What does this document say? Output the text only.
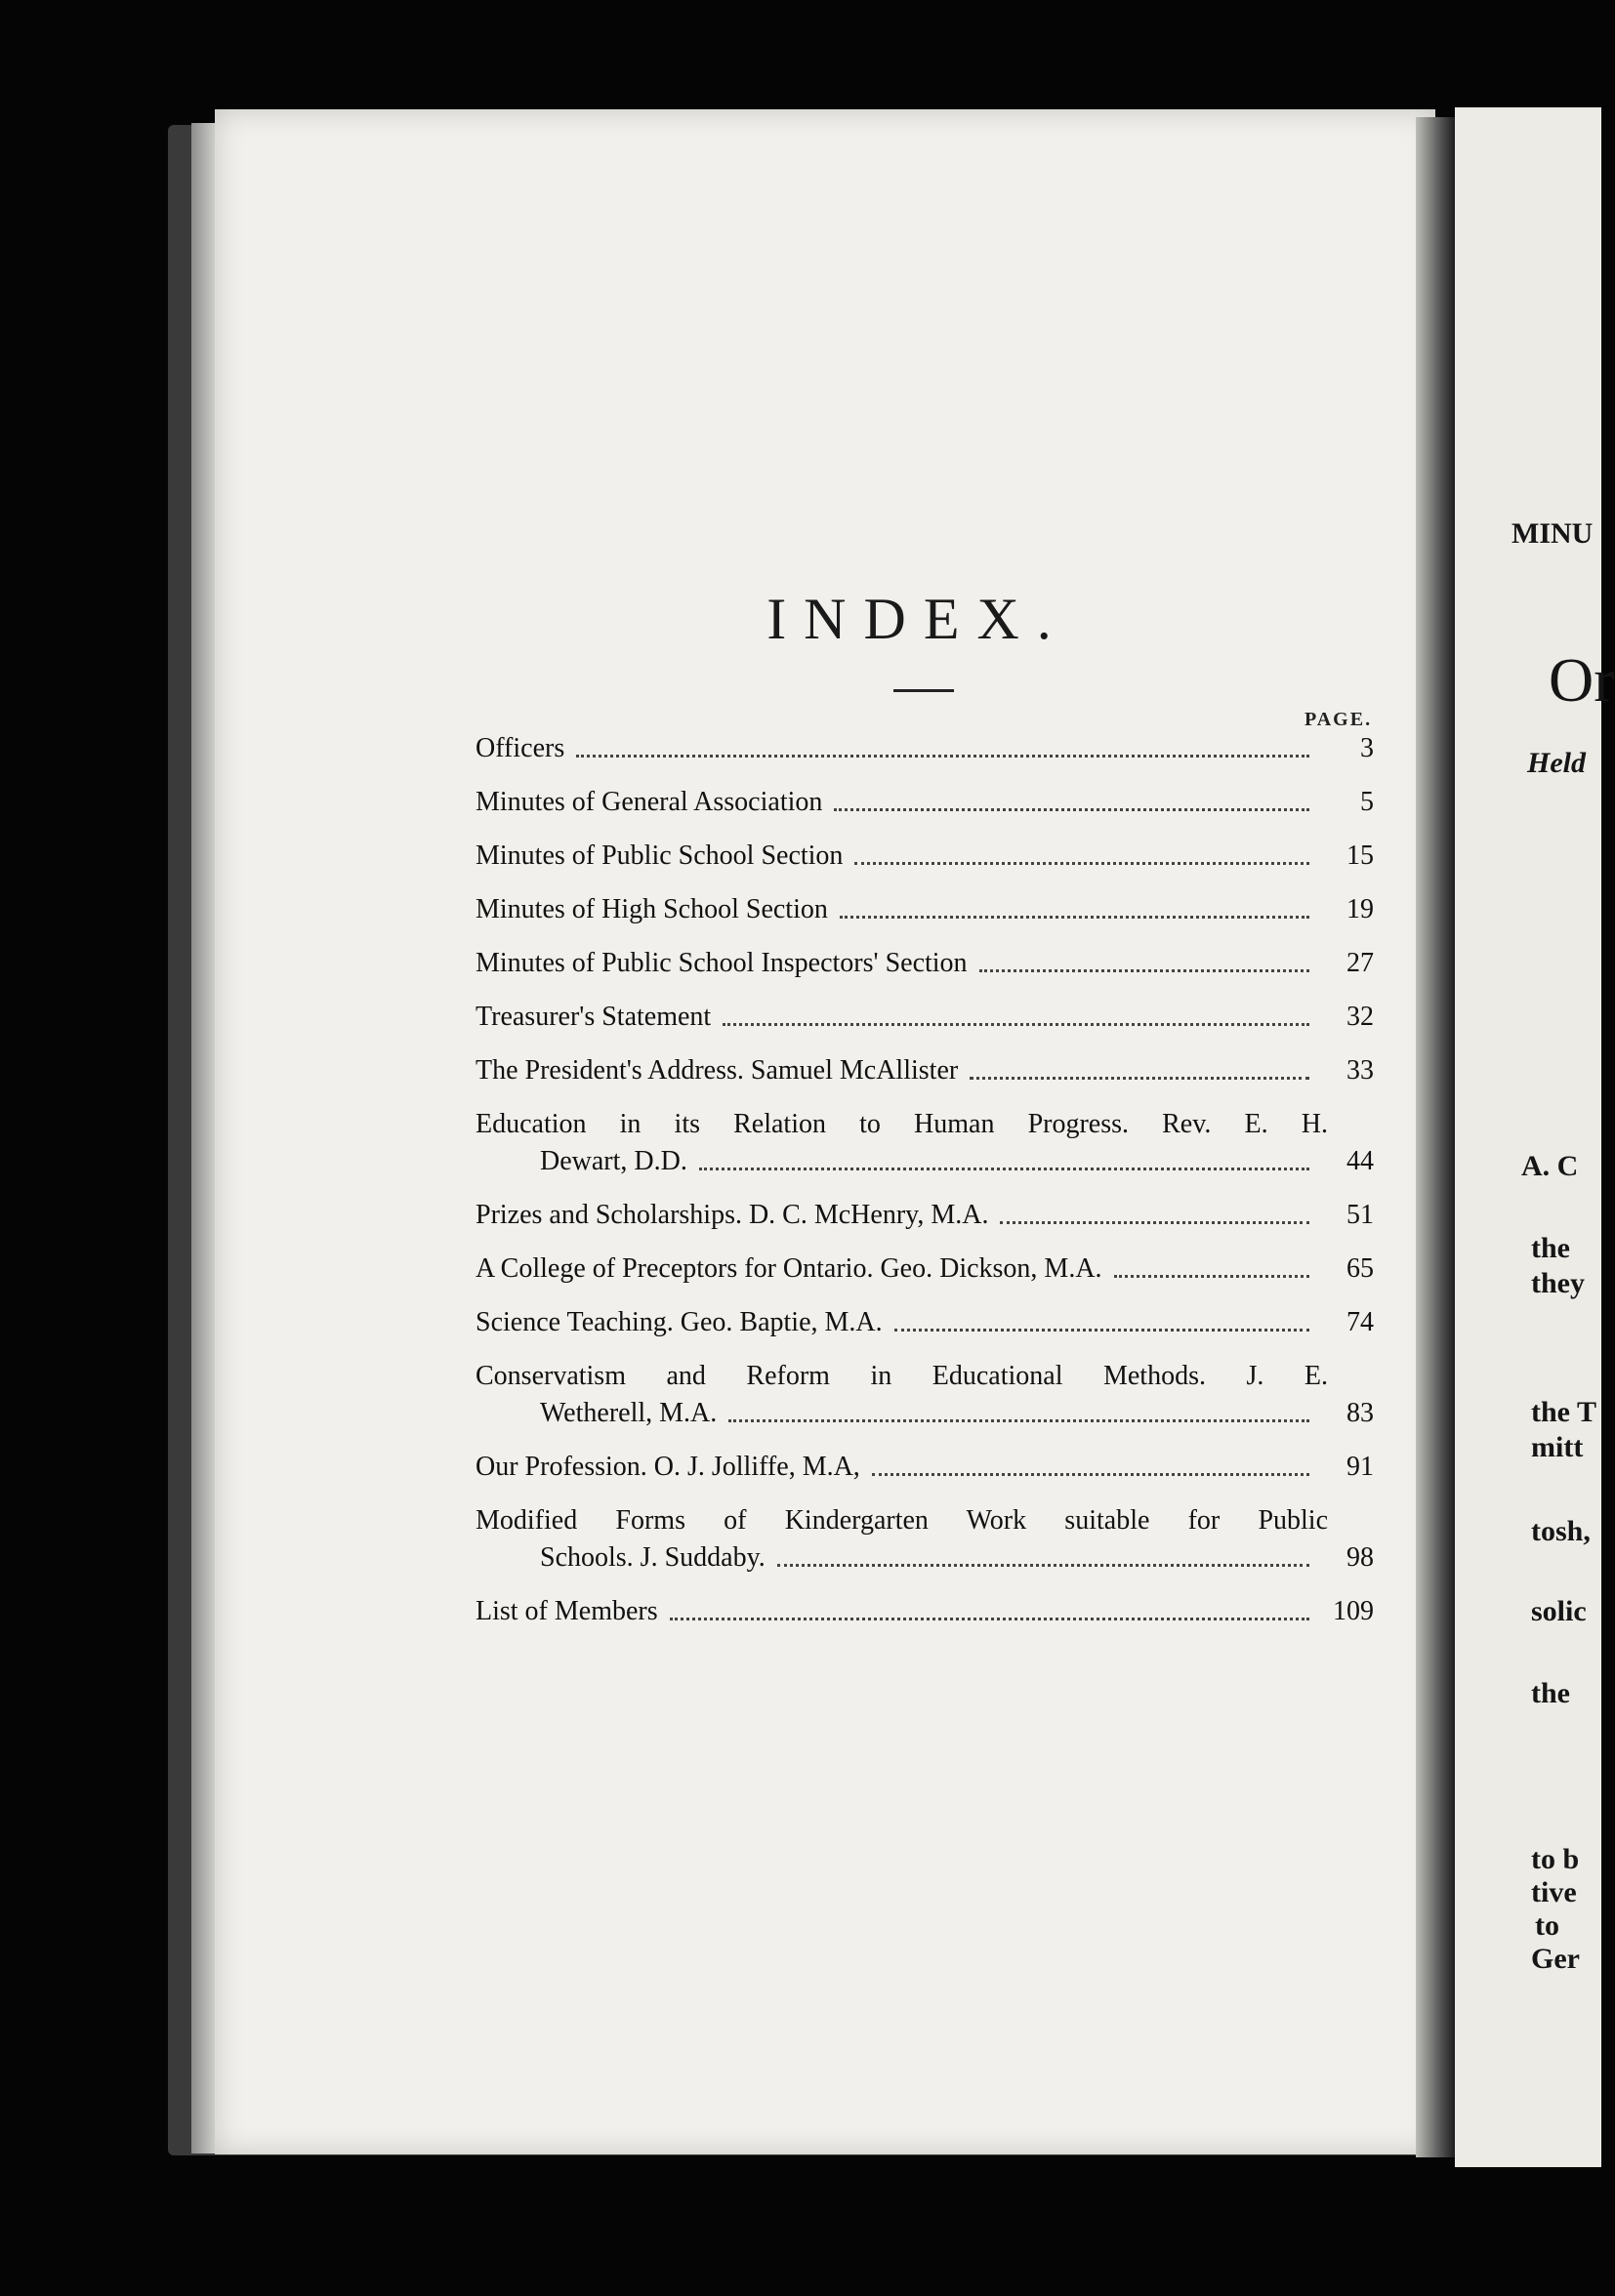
MINU
Or
Held
A. C
the
they
the T
mitt
tosh,
solic
the
to b
tive
to
Ger
INDEX.
PAGE.
Officers	3
Minutes of General Association	5
Minutes of Public School Section	15
Minutes of High School Section	19
Minutes of Public School Inspectors' Section	27
Treasurer's Statement	32
The President's Address. Samuel McAllister	33
Education in its Relation to Human Progress. Rev. E. H.
Dewart, D.D.	44
Prizes and Scholarships. D. C. McHenry, M.A.	51
A College of Preceptors for Ontario. Geo. Dickson, M.A.	65
Science Teaching. Geo. Baptie, M.A.	74
Conservatism and Reform in Educational Methods. J. E.
Wetherell, M.A.	83
Our Profession. O. J. Jolliffe, M.A,	91
Modified Forms of Kindergarten Work suitable for Public
Schools. J. Suddaby.	98
List of Members	109
